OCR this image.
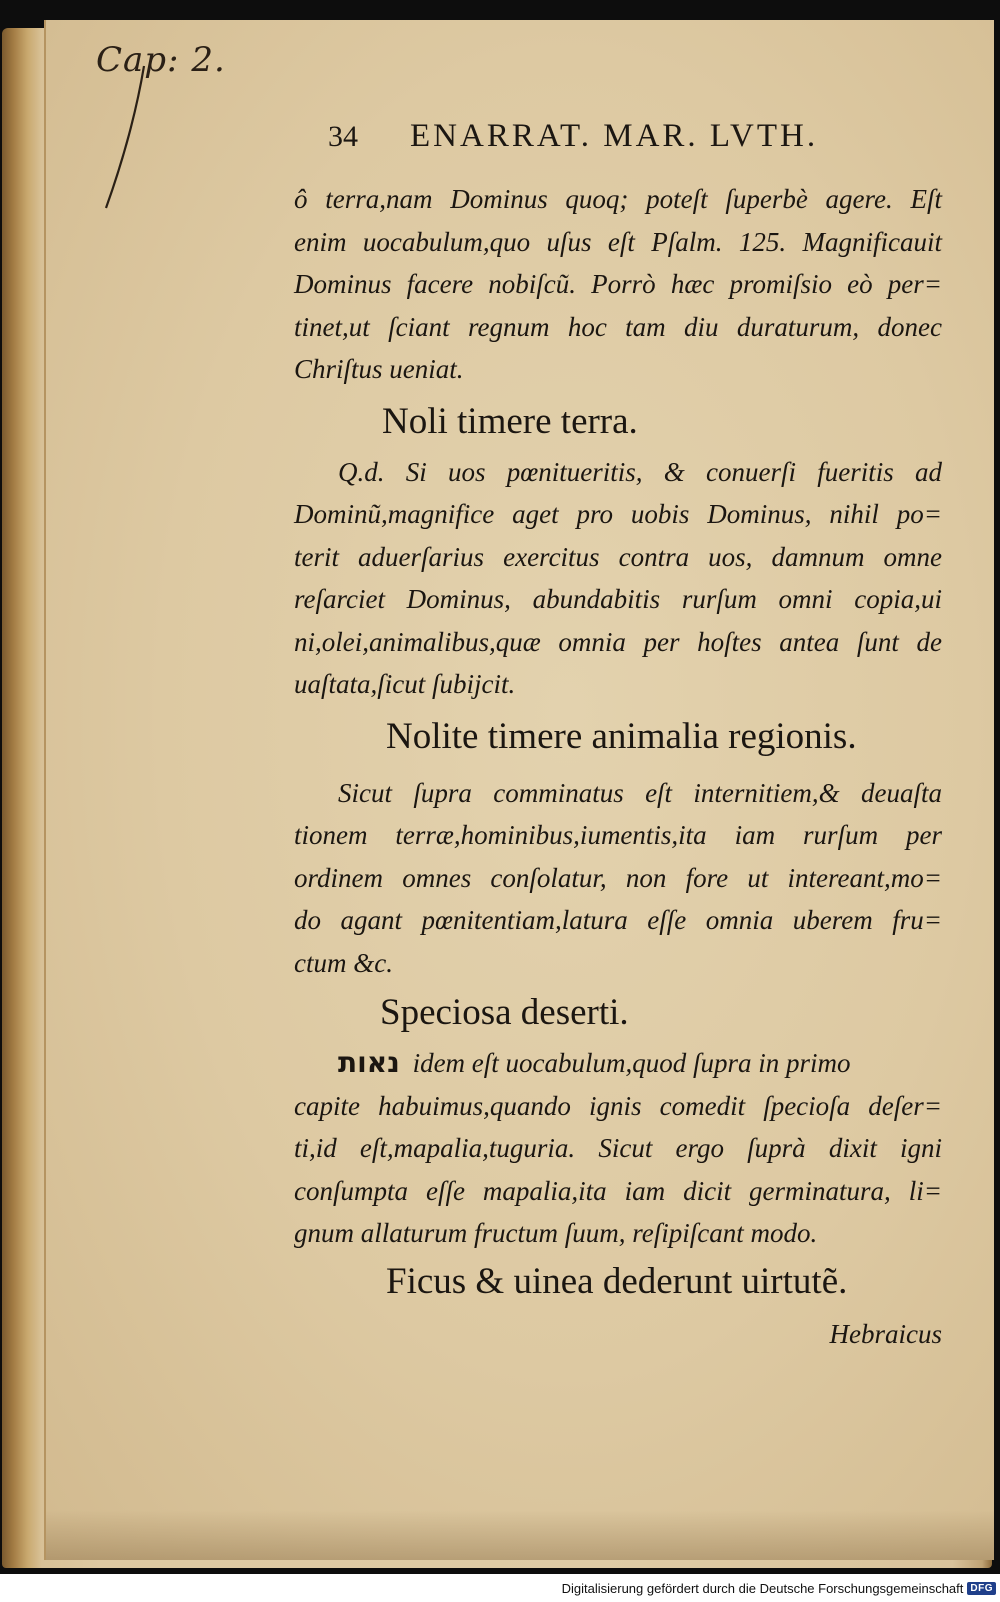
Cap: 2.
34 ENARRAT. MAR. LVTH.
ô terra,nam Dominus quoq; poteſt ſuperbè agere. Eſt
enim uocabulum,quo uſus eſt Pſalm. 125. Magnificauit
Dominus facere nobiſcũ. Porrò hæc promiſsio eò per=
tinet,ut ſciant regnum hoc tam diu duraturum, donec
Chriſtus ueniat.
Noli timere terra.
Q.d. Si uos pœnitueritis, & conuerſi fueritis ad
Dominũ,magnifice aget pro uobis Dominus, nihil po=
terit aduerſarius exercitus contra uos, damnum omne
reſarciet Dominus, abundabitis rurſum omni copia,ui
ni,olei,animalibus,quæ omnia per hoſtes antea ſunt de
uaſtata,ſicut ſubijcit.
Nolite timere animalia regionis.
Sicut ſupra comminatus eſt internitiem,& deuaſta
tionem terræ,hominibus,iumentis,ita iam rurſum per
ordinem omnes conſolatur, non fore ut intereant,mo=
do agant pœnitentiam,latura eſſe omnia uberem fru=
ctum &c.
Speciosa deserti.
נאות idem eſt uocabulum,quod ſupra in primo
capite habuimus,quando ignis comedit ſpecioſa deſer=
ti,id eſt,mapalia,tuguria. Sicut ergo ſuprà dixit igni
conſumpta eſſe mapalia,ita iam dicit germinatura, li=
gnum allaturum fructum ſuum, reſipiſcant modo.
Ficus & uinea dederunt uirtutẽ.
Hebraicus
Digitalisierung gefördert durch die Deutsche Forschungsgemeinschaft DFG
